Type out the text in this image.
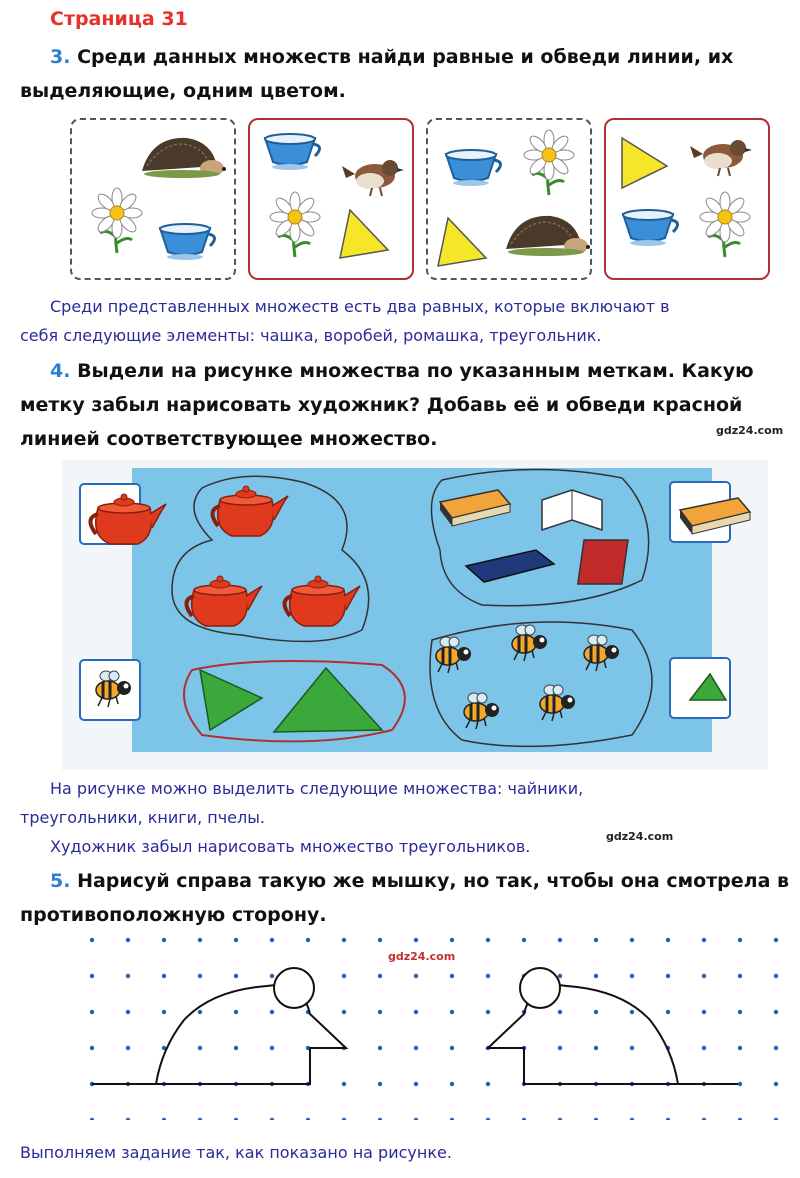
Страница 31
3. Среди данных множеств найди равные и обведи линии, их
выделяющие, одним цветом.
Среди представленных множеств есть два равных, которые включают в
себя следующие элементы: чашка, воробей, ромашка, треугольник.
4. Выдели на рисунке множества по указанным меткам. Какую
метку забыл нарисовать художник? Добавь её и обведи красной
линией соответствующее множество.	gdz24.com
На рисунке можно выделить следующие множества: чайники,
треугольники, книги, пчелы.
Художник забыл нарисовать множество треугольников.
gdz24.com
5. Нарисуй справа такую же мышку, но так, чтобы она смотрела в
противоположную сторону.
gdz24.com
Выполняем задание так, как показано на рисунке.
